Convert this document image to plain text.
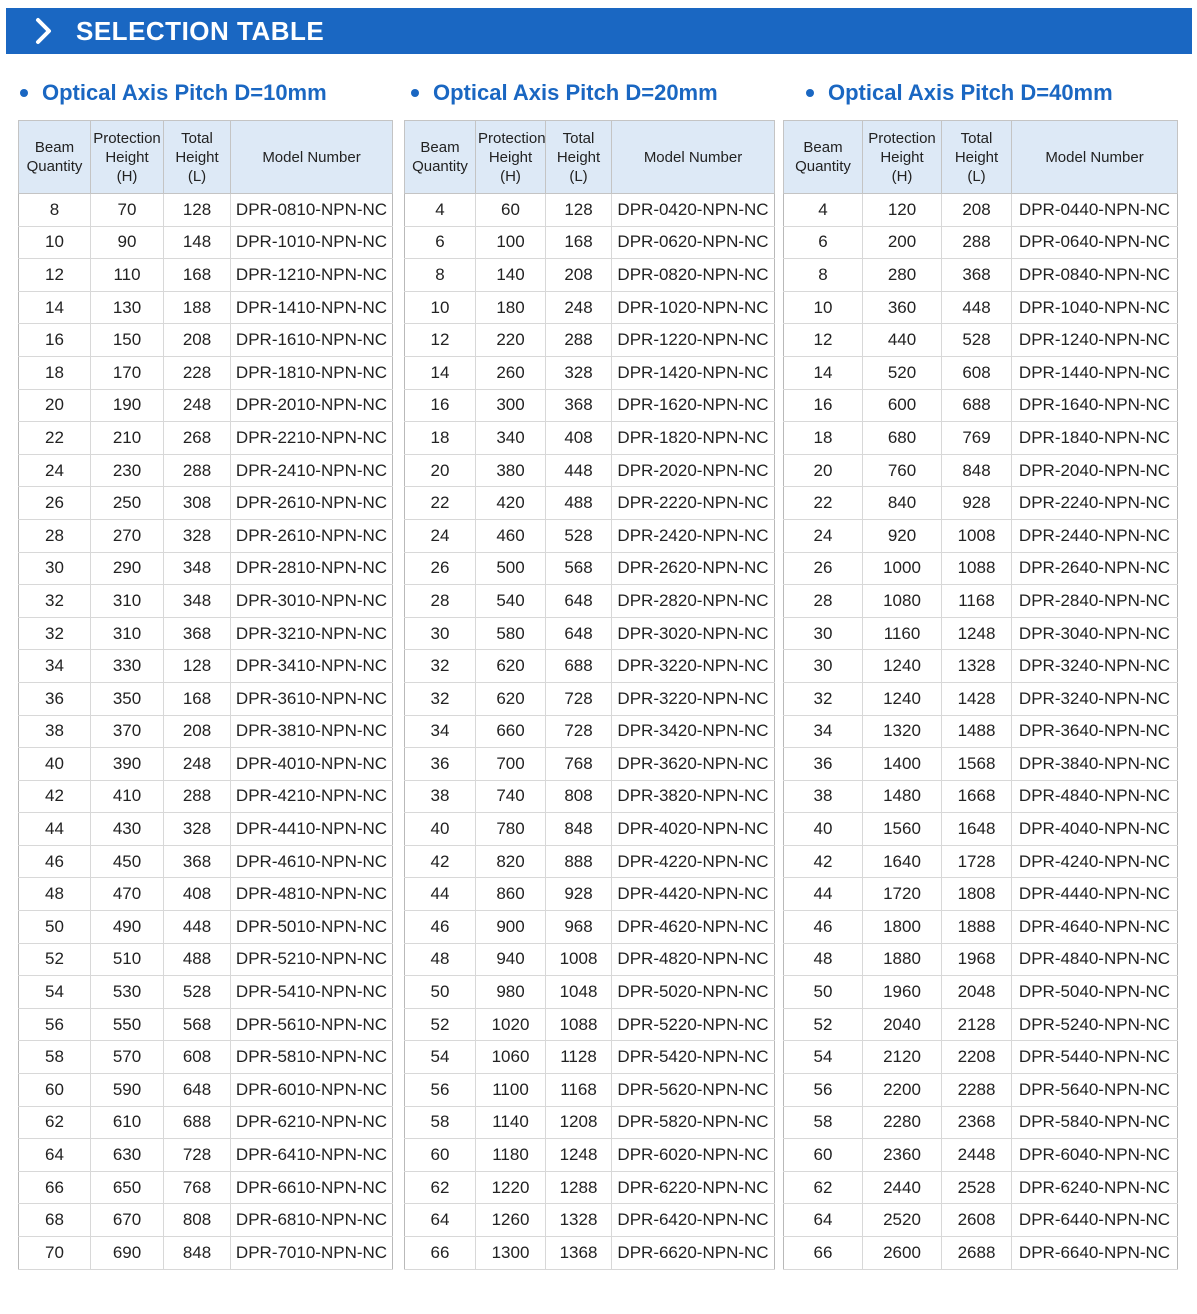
SELECTION TABLE
Optical Axis Pitch D=10mm	Optical Axis Pitch D=20mm	Optical Axis Pitch D=40mm
Beam
Quantity	Protection
Height
(H)	Total
Height
(L)	Model Number
8	70	128	DPR-0810-NPN-NC
10	90	148	DPR-1010-NPN-NC
12	110	168	DPR-1210-NPN-NC
14	130	188	DPR-1410-NPN-NC
16	150	208	DPR-1610-NPN-NC
18	170	228	DPR-1810-NPN-NC
20	190	248	DPR-2010-NPN-NC
22	210	268	DPR-2210-NPN-NC
24	230	288	DPR-2410-NPN-NC
26	250	308	DPR-2610-NPN-NC
28	270	328	DPR-2610-NPN-NC
30	290	348	DPR-2810-NPN-NC
32	310	348	DPR-3010-NPN-NC
32	310	368	DPR-3210-NPN-NC
34	330	128	DPR-3410-NPN-NC
36	350	168	DPR-3610-NPN-NC
38	370	208	DPR-3810-NPN-NC
40	390	248	DPR-4010-NPN-NC
42	410	288	DPR-4210-NPN-NC
44	430	328	DPR-4410-NPN-NC
46	450	368	DPR-4610-NPN-NC
48	470	408	DPR-4810-NPN-NC
50	490	448	DPR-5010-NPN-NC
52	510	488	DPR-5210-NPN-NC
54	530	528	DPR-5410-NPN-NC
56	550	568	DPR-5610-NPN-NC
58	570	608	DPR-5810-NPN-NC
60	590	648	DPR-6010-NPN-NC
62	610	688	DPR-6210-NPN-NC
64	630	728	DPR-6410-NPN-NC
66	650	768	DPR-6610-NPN-NC
68	670	808	DPR-6810-NPN-NC
70	690	848	DPR-7010-NPN-NC
Beam
Quantity	Protection
Height
(H)	Total
Height
(L)	Model Number
4	60	128	DPR-0420-NPN-NC
6	100	168	DPR-0620-NPN-NC
8	140	208	DPR-0820-NPN-NC
10	180	248	DPR-1020-NPN-NC
12	220	288	DPR-1220-NPN-NC
14	260	328	DPR-1420-NPN-NC
16	300	368	DPR-1620-NPN-NC
18	340	408	DPR-1820-NPN-NC
20	380	448	DPR-2020-NPN-NC
22	420	488	DPR-2220-NPN-NC
24	460	528	DPR-2420-NPN-NC
26	500	568	DPR-2620-NPN-NC
28	540	648	DPR-2820-NPN-NC
30	580	648	DPR-3020-NPN-NC
32	620	688	DPR-3220-NPN-NC
32	620	728	DPR-3220-NPN-NC
34	660	728	DPR-3420-NPN-NC
36	700	768	DPR-3620-NPN-NC
38	740	808	DPR-3820-NPN-NC
40	780	848	DPR-4020-NPN-NC
42	820	888	DPR-4220-NPN-NC
44	860	928	DPR-4420-NPN-NC
46	900	968	DPR-4620-NPN-NC
48	940	1008	DPR-4820-NPN-NC
50	980	1048	DPR-5020-NPN-NC
52	1020	1088	DPR-5220-NPN-NC
54	1060	1128	DPR-5420-NPN-NC
56	1100	1168	DPR-5620-NPN-NC
58	1140	1208	DPR-5820-NPN-NC
60	1180	1248	DPR-6020-NPN-NC
62	1220	1288	DPR-6220-NPN-NC
64	1260	1328	DPR-6420-NPN-NC
66	1300	1368	DPR-6620-NPN-NC
Beam
Quantity	Protection
Height
(H)	Total
Height
(L)	Model Number
4	120	208	DPR-0440-NPN-NC
6	200	288	DPR-0640-NPN-NC
8	280	368	DPR-0840-NPN-NC
10	360	448	DPR-1040-NPN-NC
12	440	528	DPR-1240-NPN-NC
14	520	608	DPR-1440-NPN-NC
16	600	688	DPR-1640-NPN-NC
18	680	769	DPR-1840-NPN-NC
20	760	848	DPR-2040-NPN-NC
22	840	928	DPR-2240-NPN-NC
24	920	1008	DPR-2440-NPN-NC
26	1000	1088	DPR-2640-NPN-NC
28	1080	1168	DPR-2840-NPN-NC
30	1160	1248	DPR-3040-NPN-NC
30	1240	1328	DPR-3240-NPN-NC
32	1240	1428	DPR-3240-NPN-NC
34	1320	1488	DPR-3640-NPN-NC
36	1400	1568	DPR-3840-NPN-NC
38	1480	1668	DPR-4840-NPN-NC
40	1560	1648	DPR-4040-NPN-NC
42	1640	1728	DPR-4240-NPN-NC
44	1720	1808	DPR-4440-NPN-NC
46	1800	1888	DPR-4640-NPN-NC
48	1880	1968	DPR-4840-NPN-NC
50	1960	2048	DPR-5040-NPN-NC
52	2040	2128	DPR-5240-NPN-NC
54	2120	2208	DPR-5440-NPN-NC
56	2200	2288	DPR-5640-NPN-NC
58	2280	2368	DPR-5840-NPN-NC
60	2360	2448	DPR-6040-NPN-NC
62	2440	2528	DPR-6240-NPN-NC
64	2520	2608	DPR-6440-NPN-NC
66	2600	2688	DPR-6640-NPN-NC
